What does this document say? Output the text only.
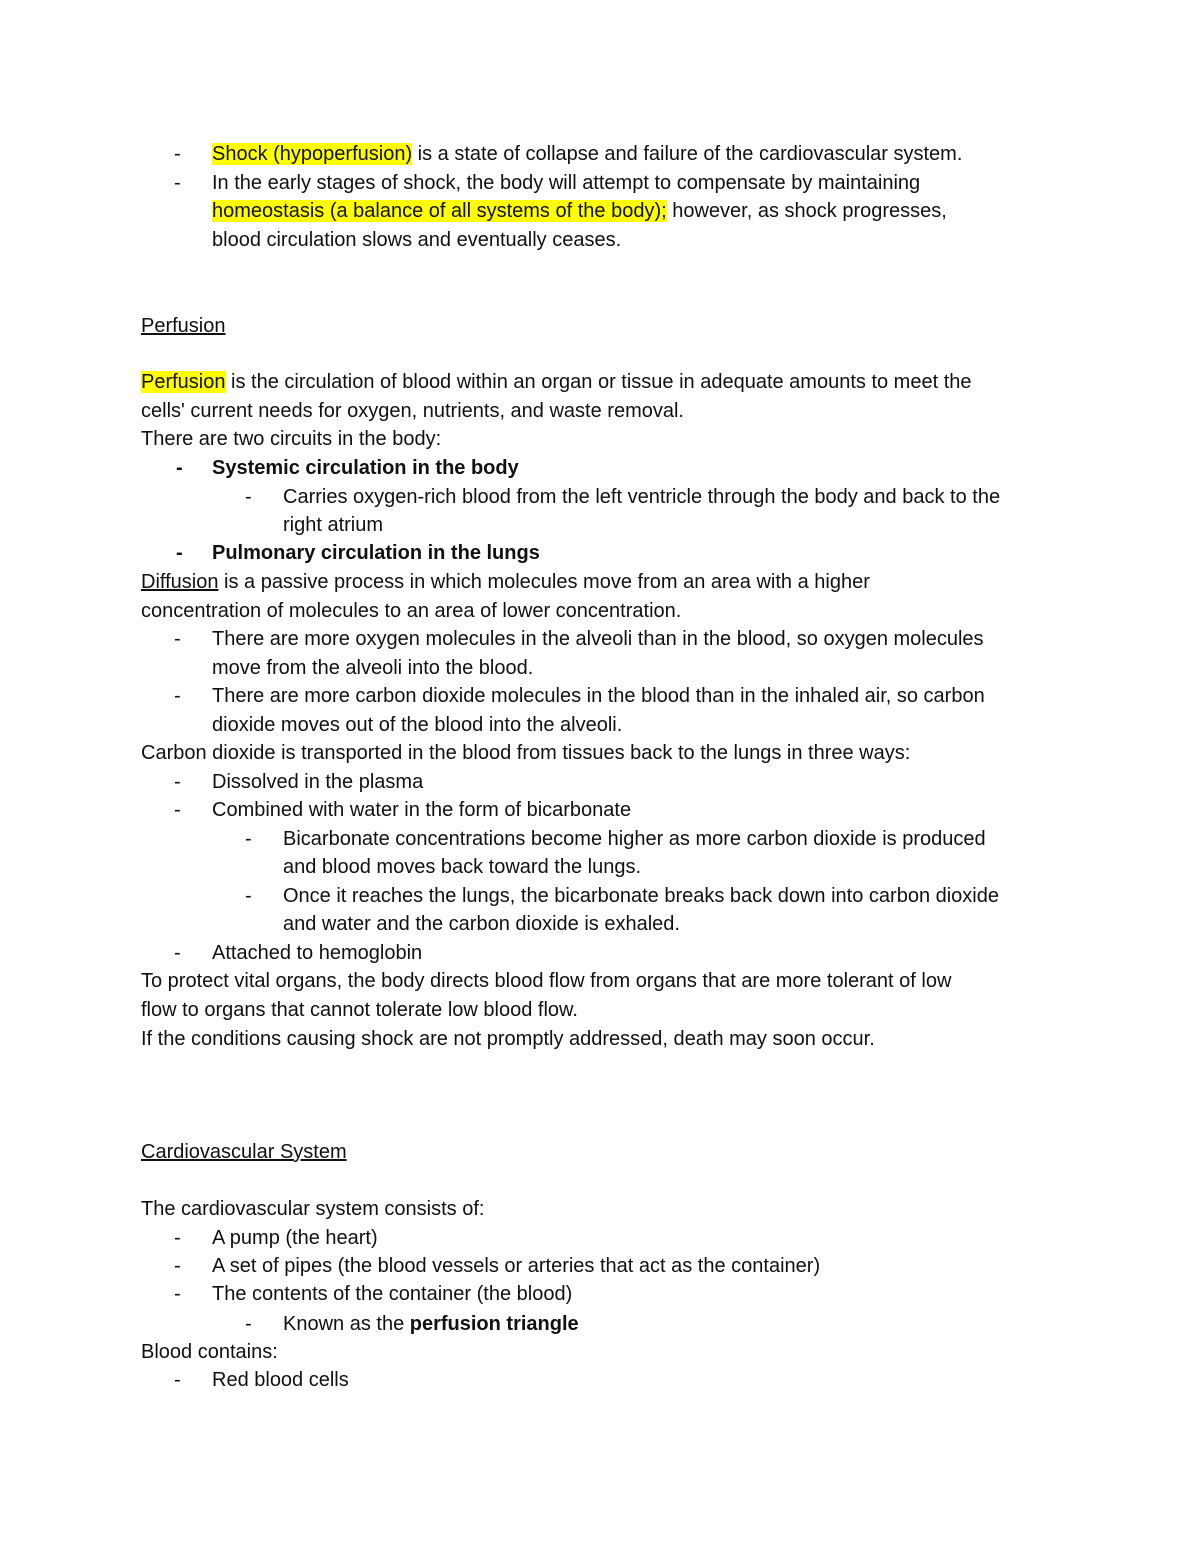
- Shock (hypoperfusion) is a state of collapse and failure of the cardiovascular system.
- In the early stages of shock, the body will attempt to compensate by maintaining
homeostasis (a balance of all systems of the body); however, as shock progresses,
blood circulation slows and eventually ceases.
Perfusion
Perfusion is the circulation of blood within an organ or tissue in adequate amounts to meet the
cells' current needs for oxygen, nutrients, and waste removal.
There are two circuits in the body:
- Systemic circulation in the body
- Carries oxygen-rich blood from the left ventricle through the body and back to the
right atrium
- Pulmonary circulation in the lungs
Diffusion is a passive process in which molecules move from an area with a higher
concentration of molecules to an area of lower concentration.
- There are more oxygen molecules in the alveoli than in the blood, so oxygen molecules
move from the alveoli into the blood.
- There are more carbon dioxide molecules in the blood than in the inhaled air, so carbon
dioxide moves out of the blood into the alveoli.
Carbon dioxide is transported in the blood from tissues back to the lungs in three ways:
- Dissolved in the plasma
- Combined with water in the form of bicarbonate
- Bicarbonate concentrations become higher as more carbon dioxide is produced
and blood moves back toward the lungs.
- Once it reaches the lungs, the bicarbonate breaks back down into carbon dioxide
and water and the carbon dioxide is exhaled.
- Attached to hemoglobin
To protect vital organs, the body directs blood flow from organs that are more tolerant of low
flow to organs that cannot tolerate low blood flow.
If the conditions causing shock are not promptly addressed, death may soon occur.
Cardiovascular System
The cardiovascular system consists of:
- A pump (the heart)
- A set of pipes (the blood vessels or arteries that act as the container)
- The contents of the container (the blood)
- Known as the perfusion triangle
Blood contains:
- Red blood cells
